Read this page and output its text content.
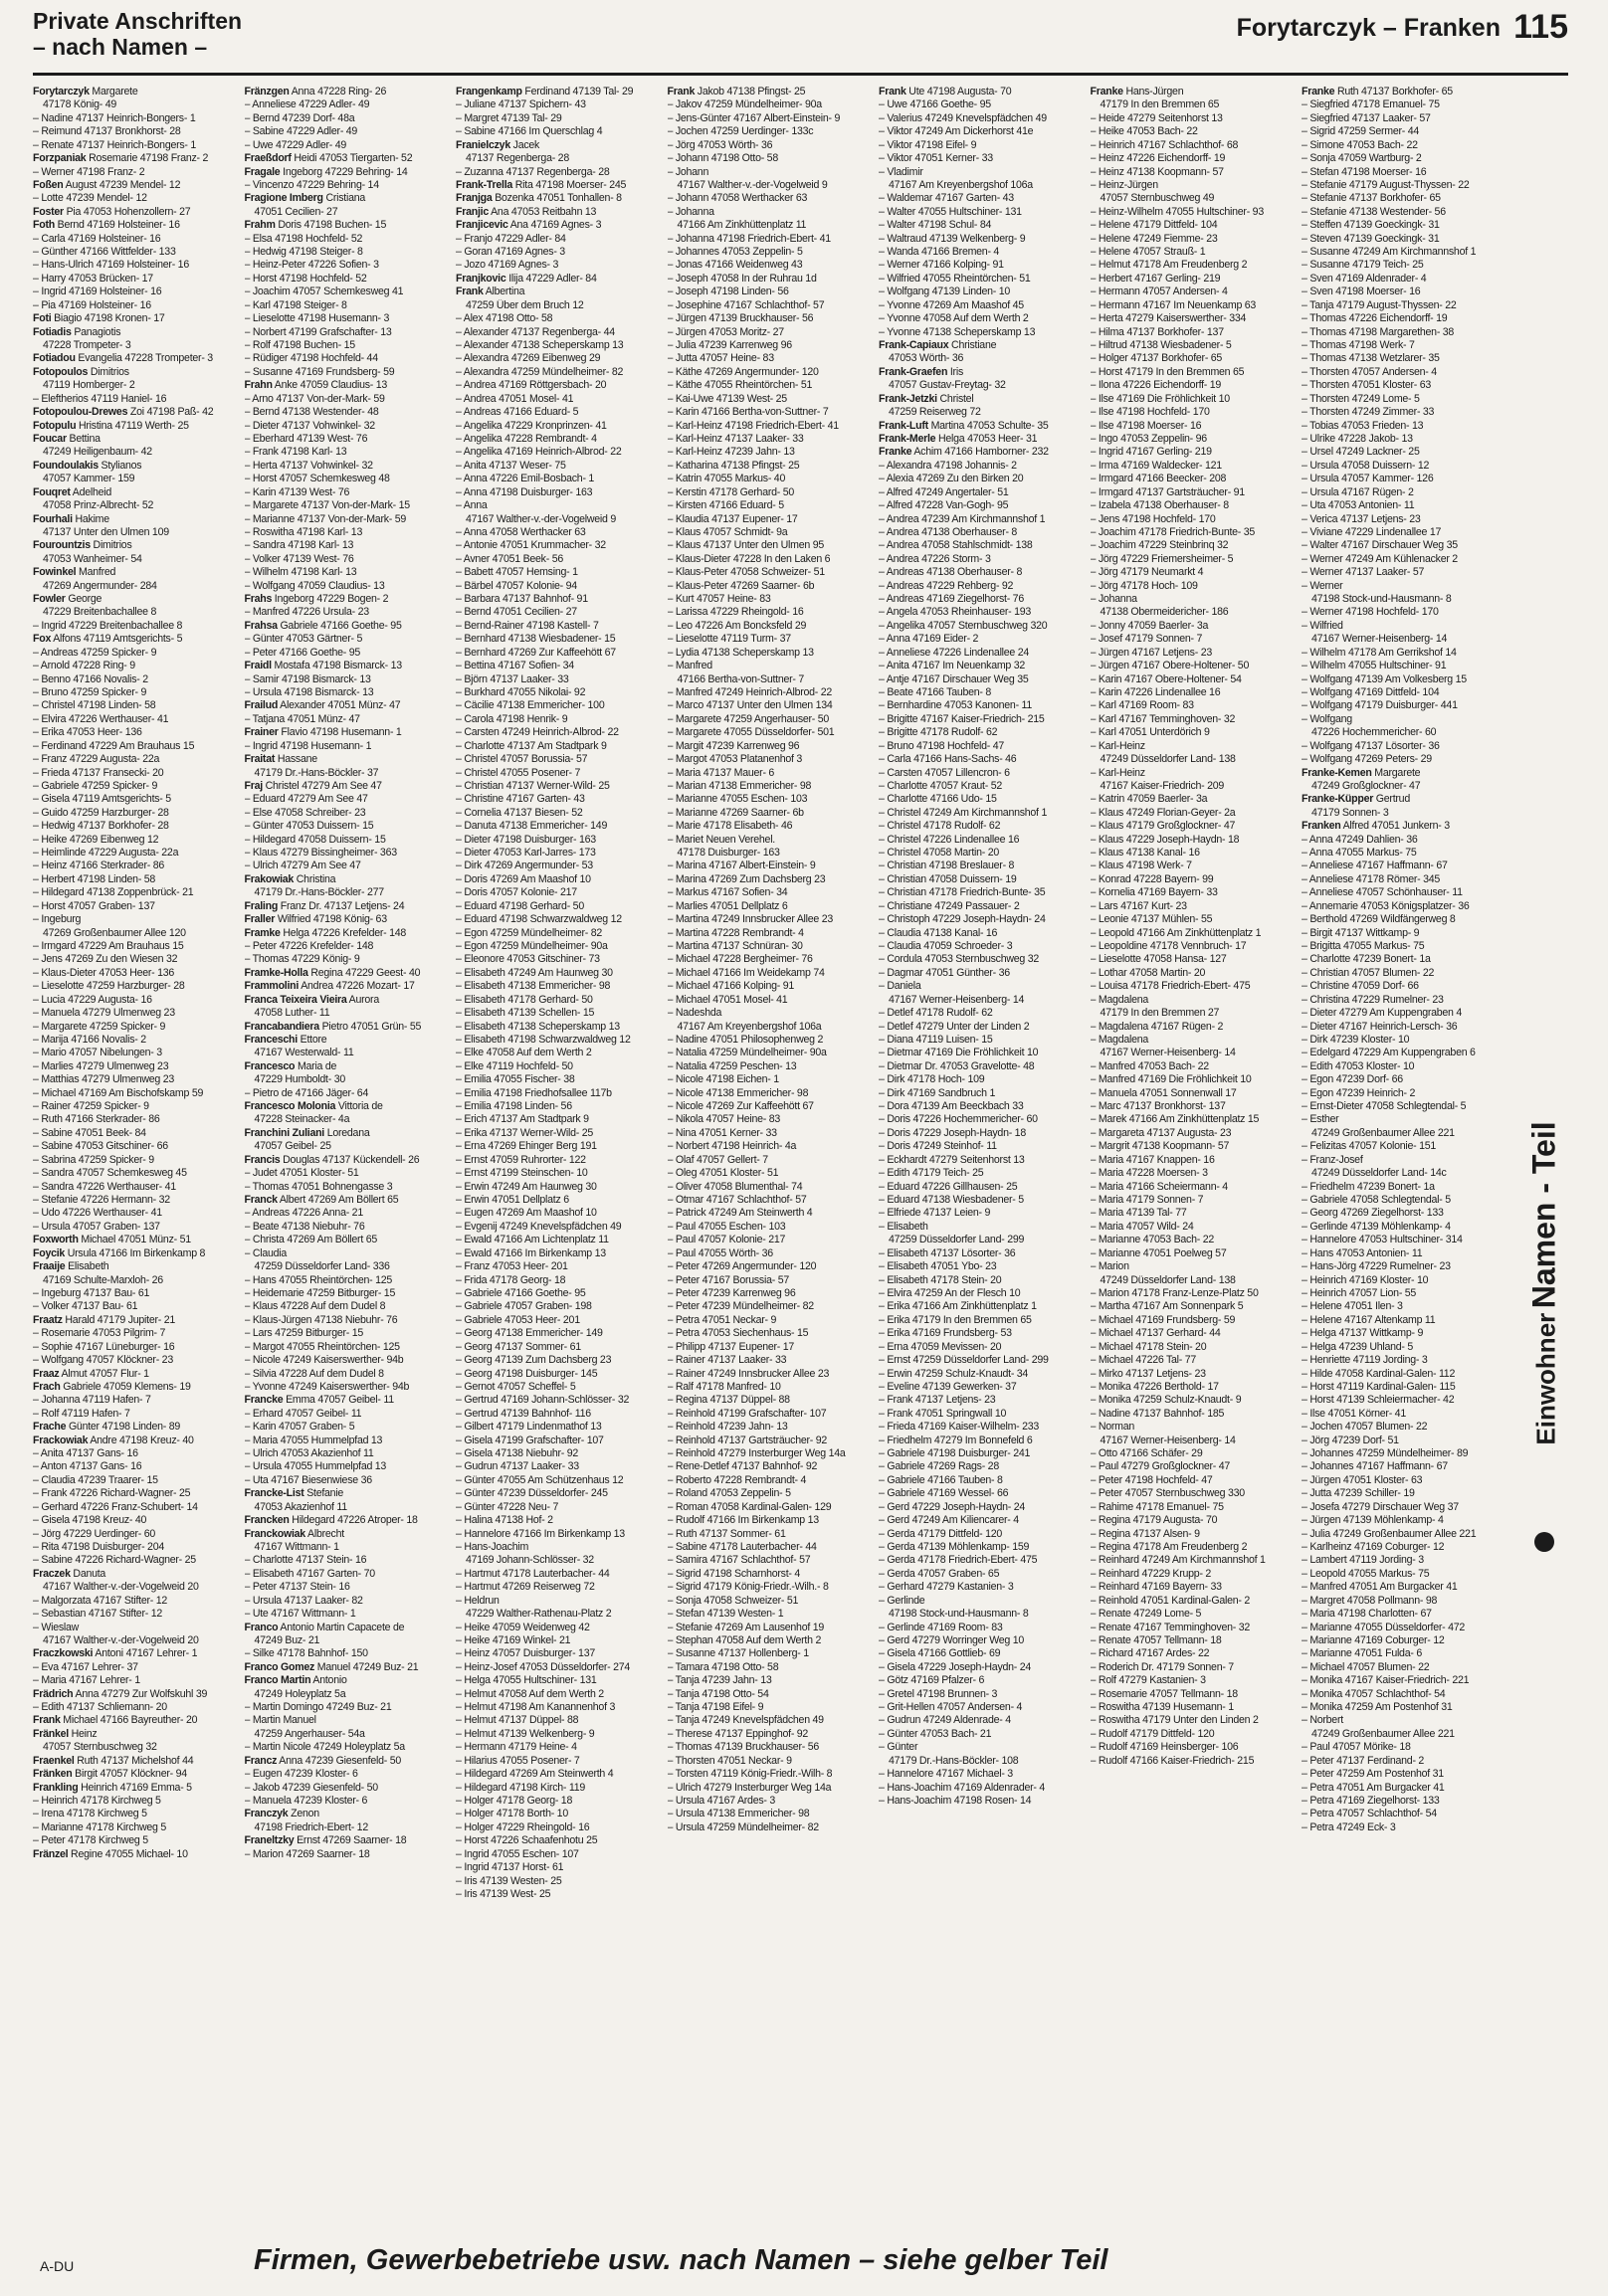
Private Anschriften
– nach Namen –
Forytarczyk – Franken 115
Forytarczyk Margarete
47178 König- 49
– Nadine 47137 Heinrich-Bongers- 1
– Reimund 47137 Bronkhorst- 28
– Renate 47137 Heinrich-Bongers- 1
Forzpaniak Rosemarie 47198 Franz- 2
– Werner 47198 Franz- 2
Foßen August 47239 Mendel- 12
– Lotte 47239 Mendel- 12
Foster Pia 47053 Hohenzollern- 27
Foth Bernd 47169 Holsteiner- 16
– Carla 47169 Holsteiner- 16
– Günther 47166 Wittfelder- 133
– Hans-Ulrich 47169 Holsteiner- 16
– Harry 47053 Brücken- 17
– Ingrid 47169 Holsteiner- 16
– Pia 47169 Holsteiner- 16
Foti Biagio 47198 Kronen- 17
Fotiadis Panagiotis
47228 Trompeter- 3
Fotiadou Evangelia 47228 Trompeter- 3
Fotopoulos Dimitrios
47119 Homberger- 2
– Eleftherios 47119 Haniel- 16
Fotopoulou-Drewes Zoi 47198 Paß- 42
Fotopulu Hristina 47119 Werth- 25
Foucar Bettina
47249 Heiligenbaum- 42
Foundoulakis Stylianos
47057 Kammer- 159
Fouqret Adelheid
47058 Prinz-Albrecht- 52
Fourhali Hakime
47137 Unter den Ulmen 109
Fourountzis Dimitrios
47053 Wanheimer- 54
Fowinkel Manfred
47269 Angermunder- 284
Fowler George
47229 Breitenbachallee 8
– Ingrid 47229 Breitenbachallee 8
Fox Alfons 47119 Amtsgerichts- 5
– Andreas 47259 Spicker- 9
– Arnold 47228 Ring- 9
– Benno 47166 Novalis- 2
– Bruno 47259 Spicker- 9
– Christel 47198 Linden- 58
– Elvira 47226 Werthauser- 41
– Erika 47053 Heer- 136
– Ferdinand 47229 Am Brauhaus 15
– Franz 47229 Augusta- 22a
– Frieda 47137 Fransecki- 20
– Gabriele 47259 Spicker- 9
– Gisela 47119 Amtsgerichts- 5
– Guido 47259 Harzburger- 28
– Hedwig 47137 Borkhofer- 28
– Heike 47269 Eibenweg 12
– Heimlinde 47229 Augusta- 22a
– Heinz 47166 Sterkrader- 86
– Herbert 47198 Linden- 58
– Hildegard 47138 Zoppenbrück- 21
– Horst 47057 Graben- 137
– Ingeburg
47269 Großenbaumer Allee 120
– Irmgard 47229 Am Brauhaus 15
– Jens 47269 Zu den Wiesen 32
– Klaus-Dieter 47053 Heer- 136
– Lieselotte 47259 Harzburger- 28
– Lucia 47229 Augusta- 16
– Manuela 47279 Ulmenweg 23
– Margarete 47259 Spicker- 9
– Marija 47166 Novalis- 2
– Mario 47057 Nibelungen- 3
– Marlies 47279 Ulmenweg 23
– Matthias 47279 Ulmenweg 23
– Michael 47169 Am Bischofskamp 59
– Rainer 47259 Spicker- 9
– Ruth 47166 Sterkrader- 86
– Sabine 47051 Beek- 84
– Sabine 47053 Gitschiner- 66
– Sabrina 47259 Spicker- 9
– Sandra 47057 Schemkesweg 45
– Sandra 47226 Werthauser- 41
– Stefanie 47226 Hermann- 32
– Udo 47226 Werthauser- 41
– Ursula 47057 Graben- 137
Foxworth Michael 47051 Münz- 51
Foycik Ursula 47166 Im Birkenkamp 8
Fraaije Elisabeth
47169 Schulte-Marxloh- 26
– Ingeburg 47137 Bau- 61
– Volker 47137 Bau- 61
Fraatz Harald 47179 Jupiter- 21
– Rosemarie 47053 Pilgrim- 7
– Sophie 47167 Lüneburger- 16
– Wolfgang 47057 Klöckner- 23
Fraaz Almut 47057 Flur- 1
Frach Gabriele 47059 Klemens- 19
– Johanna 47119 Hafen- 7
– Rolf 47119 Hafen- 7
Frache Günter 47198 Linden- 89
Frackowiak Andre 47198 Kreuz- 40
– Anita 47137 Gans- 16
– Anton 47137 Gans- 16
– Claudia 47239 Traarer- 15
– Frank 47226 Richard-Wagner- 25
– Gerhard 47226 Franz-Schubert- 14
– Gisela 47198 Kreuz- 40
– Jörg 47229 Uerdinger- 60
– Rita 47198 Duisburger- 204
– Sabine 47226 Richard-Wagner- 25
Fraczek Danuta
47167 Walther-v.-der-Vogelweid 20
– Malgorzata 47167 Stifter- 12
– Sebastian 47167 Stifter- 12
– Wieslaw
47167 Walther-v.-der-Vogelweid 20
Fraczkowski Antoni 47167 Lehrer- 1
– Eva 47167 Lehrer- 37
– Maria 47167 Lehrer- 1
Frädrich Anna 47279 Zur Wolfskuhl 39
– Edith 47137 Schliemann- 20
Frank Michael 47166 Bayreuther- 20
Fränkel Heinz
47057 Sternbuschweg 32
Fraenkel Ruth 47137 Michelshof 44
Fränken Birgit 47057 Klöckner- 94
Frankling Heinrich 47169 Emma- 5
– Heinrich 47178 Kirchweg 5
– Irena 47178 Kirchweg 5
– Marianne 47178 Kirchweg 5
– Peter 47178 Kirchweg 5
Fränzel Regine 47055 Michael- 10
Fränzgen Anna 47228 Ring- 26
– Anneliese 47229 Adler- 49
– Bernd 47239 Dorf- 48a
– Sabine 47229 Adler- 49
– Uwe 47229 Adler- 49
Fraeßdorf Heidi 47053 Tiergarten- 52
Fragale Ingeborg 47229 Behring- 14
– Vincenzo 47229 Behring- 14
Fragione Imberg Cristiana
47051 Cecilien- 27
Frahm Doris 47198 Buchen- 15
– Elsa 47198 Hochfeld- 52
– Hedwig 47198 Steiger- 8
– Heinz-Peter 47226 Sofien- 3
– Horst 47198 Hochfeld- 52
– Joachim 47057 Schemkesweg 41
– Karl 47198 Steiger- 8
– Lieselotte 47198 Husemann- 3
– Norbert 47199 Grafschafter- 13
– Rolf 47198 Buchen- 15
– Rüdiger 47198 Hochfeld- 44
– Susanne 47169 Frundsberg- 59
Frahn Anke 47059 Claudius- 13
– Arno 47137 Von-der-Mark- 59
– Bernd 47138 Westender- 48
– Dieter 47137 Vohwinkel- 32
– Eberhard 47139 West- 76
– Frank 47198 Karl- 13
– Herta 47137 Vohwinkel- 32
– Horst 47057 Schemkesweg 48
– Karin 47139 West- 76
– Margarete 47137 Von-der-Mark- 15
– Marianne 47137 Von-der-Mark- 59
– Roswitha 47198 Karl- 13
– Sandra 47198 Karl- 13
– Volker 47139 West- 76
– Wilhelm 47198 Karl- 13
– Wolfgang 47059 Claudius- 13
Frahs Ingeborg 47229 Bogen- 2
– Manfred 47226 Ursula- 23
Frahsa Gabriele 47166 Goethe- 95
– Günter 47053 Gärtner- 5
– Peter 47166 Goethe- 95
Fraidl Mostafa 47198 Bismarck- 13
– Samir 47198 Bismarck- 13
– Ursula 47198 Bismarck- 13
Frailud Alexander 47051 Münz- 47
– Tatjana 47051 Münz- 47
Frainer Flavio 47198 Husemann- 1
– Ingrid 47198 Husemann- 1
Fraitat Hassane
47179 Dr.-Hans-Böckler- 37
Fraj Christel 47279 Am See 47
– Eduard 47279 Am See 47
– Else 47058 Schreiber- 23
– Günter 47053 Duissern- 15
– Hildegard 47058 Duissern- 15
– Klaus 47279 Bissingheimer- 363
– Ulrich 47279 Am See 47
Frakowiak Christina
47179 Dr.-Hans-Böckler- 277
Fraling Franz Dr. 47137 Letjens- 24
Fraller Wilfried 47198 König- 63
Framke Helga 47226 Krefelder- 148
– Peter 47226 Krefelder- 148
– Thomas 47229 König- 9
Framke-Holla Regina 47229 Geest- 40
Frammolini Andrea 47226 Mozart- 17
Franca Teixeira Vieira Aurora
47058 Luther- 11
Francabandiera Pietro 47051 Grün- 55
Franceschi Ettore
47167 Westerwald- 11
Francesco Maria de
47229 Humboldt- 30
– Pietro de 47166 Jäger- 64
Francesco Molonia Vittoria de
47228 Steinacker- 4a
Franchini Zuliani Loredana
47057 Geibel- 25
Francis Douglas 47137 Kückendell- 26
– Judet 47051 Kloster- 51
– Thomas 47051 Bohnengasse 3
Franck Albert 47269 Am Böllert 65
– Andreas 47226 Anna- 21
– Beate 47138 Niebuhr- 76
– Christa 47269 Am Böllert 65
– Claudia
47259 Düsseldorfer Land- 336
– Hans 47055 Rheintörchen- 125
– Heidemarie 47259 Bitburger- 15
– Klaus 47228 Auf dem Dudel 8
– Klaus-Jürgen 47138 Niebuhr- 76
– Lars 47259 Bitburger- 15
– Margot 47055 Rheintörchen- 125
– Nicole 47249 Kaiserswerther- 94b
– Silvia 47228 Auf dem Dudel 8
– Yvonne 47249 Kaiserswerther- 94b
Francke Emma 47057 Geibel- 11
– Erhard 47057 Geibel- 11
– Karin 47057 Graben- 5
– Maria 47055 Hummelpfad 13
– Ulrich 47053 Akazienhof 11
– Ursula 47055 Hummelpfad 13
– Uta 47167 Biesenwiese 36
Francke-List Stefanie
47053 Akazienhof 11
Francken Hildegard 47226 Atroper- 18
Franckowiak Albrecht
47167 Wittmann- 1
– Charlotte 47137 Stein- 16
– Elisabeth 47167 Garten- 70
– Peter 47137 Stein- 16
– Ursula 47137 Laaker- 82
– Ute 47167 Wittmann- 1
Franco Antonio Martin Capacete de
47249 Buz- 21
– Silke 47178 Bahnhof- 150
Franco Gomez Manuel 47249 Buz- 21
Franco Martin Antonio
47249 Holeyplatz 5a
– Martin Domingo 47249 Buz- 21
– Martin Manuel
47259 Angerhauser- 54a
– Martin Nicole 47249 Holeyplatz 5a
Francz Anna 47239 Giesenfeld- 50
– Eugen 47239 Kloster- 6
– Jakob 47239 Giesenfeld- 50
– Manuela 47239 Kloster- 6
Franczyk Zenon
47198 Friedrich-Ebert- 12
Franeltzky Ernst 47269 Saarner- 18
– Marion 47269 Saarner- 18
Frangenkamp Ferdinand 47139 Tal- 29
– Juliane 47137 Spichern- 43
– Margret 47139 Tal- 29
– Sabine 47166 Im Querschlag 4
Franielczyk Jacek
47137 Regenberga- 28
– Zuzanna 47137 Regenberga- 28
Frank-Trella Rita 47198 Moerser- 245
Franjga Bozenka 47051 Tonhallen- 8
Franjic Ana 47053 Reitbahn 13
Franjicevic Ana 47169 Agnes- 3
– Franjo 47229 Adler- 84
– Goran 47169 Agnes- 3
– Jozo 47169 Agnes- 3
Franjkovic Ilija 47229 Adler- 84
Frank Albertina
47259 Über dem Bruch 12
– Alex 47198 Otto- 58
– Alexander 47137 Regenberga- 44
– Alexander 47138 Scheperskamp 13
– Alexandra 47269 Eibenweg 29
– Alexandra 47259 Mündelheimer- 82
– Andrea 47169 Röttgersbach- 20
– Andrea 47051 Mosel- 41
– Andreas 47166 Eduard- 5
– Angelika 47229 Kronprinzen- 41
– Angelika 47228 Rembrandt- 4
– Angelika 47169 Heinrich-Albrod- 22
– Anita 47137 Weser- 75
– Anna 47226 Emil-Bosbach- 1
– Anna 47198 Duisburger- 163
– Anna
47167 Walther-v.-der-Vogelweid 9
– Anna 47058 Werthacker 63
– Antonie 47051 Krummacher- 32
– Avner 47051 Beek- 56
– Babett 47057 Hemsing- 1
– Bärbel 47057 Kolonie- 94
– Barbara 47137 Bahnhof- 91
– Bernd 47051 Cecilien- 27
– Bernd-Rainer 47198 Kastell- 7
– Bernhard 47138 Wiesbadener- 15
– Bernhard 47269 Zur Kaffeehött 67
– Bettina 47167 Sofien- 34
– Björn 47137 Laaker- 33
– Burkhard 47055 Nikolai- 92
– Cäcilie 47138 Emmericher- 100
– Carola 47198 Henrik- 9
– Carsten 47249 Heinrich-Albrod- 22
– Charlotte 47137 Am Stadtpark 9
– Christel 47057 Borussia- 57
– Christel 47055 Posener- 7
– Christian 47137 Werner-Wild- 25
– Christine 47167 Garten- 43
– Cornelia 47137 Biesen- 52
– Danuta 47138 Emmericher- 149
– Dieter 47198 Duisburger- 163
– Dieter 47053 Karl-Jarres- 173
– Dirk 47269 Angermunder- 53
– Doris 47269 Am Maashof 10
– Doris 47057 Kolonie- 217
– Eduard 47198 Gerhard- 50
– Eduard 47198 Schwarzwaldweg 12
– Egon 47259 Mündelheimer- 82
– Egon 47259 Mündelheimer- 90a
– Eleonore 47053 Gitschiner- 73
– Elisabeth 47249 Am Haunweg 30
– Elisabeth 47138 Emmericher- 98
– Elisabeth 47178 Gerhard- 50
– Elisabeth 47139 Schellen- 15
– Elisabeth 47138 Scheperskamp 13
– Elisabeth 47198 Schwarzwaldweg 12
– Elke 47058 Auf dem Werth 2
– Elke 47119 Hochfeld- 50
– Emilia 47055 Fischer- 38
– Emilia 47198 Friedhofsallee 117b
– Emilia 47198 Linden- 56
– Erich 47137 Am Stadtpark 9
– Erika 47137 Werner-Wild- 25
– Erna 47269 Ehinger Berg 191
– Ernst 47059 Ruhrorter- 122
– Ernst 47199 Steinschen- 10
– Erwin 47249 Am Haunweg 30
– Erwin 47051 Dellplatz 6
– Eugen 47269 Am Maashof 10
– Evgenij 47249 Knevelspfädchen 49
– Ewald 47166 Am Lichtenplatz 11
– Ewald 47166 Im Birkenkamp 13
– Franz 47053 Heer- 201
– Frida 47178 Georg- 18
– Gabriele 47166 Goethe- 95
– Gabriele 47057 Graben- 198
– Gabriele 47053 Heer- 201
– Georg 47138 Emmericher- 149
– Georg 47137 Sommer- 61
– Georg 47139 Zum Dachsberg 23
– Georg 47198 Duisburger- 145
– Gernot 47057 Scheffel- 5
– Gertrud 47169 Johann-Schlösser- 32
– Gertrud 47139 Bahnhof- 116
– Gilbert 47179 Lindenmathof 13
– Gisela 47199 Grafschafter- 107
– Gisela 47138 Niebuhr- 92
– Gudrun 47137 Laaker- 33
– Günter 47055 Am Schützenhaus 12
– Günter 47239 Düsseldorfer- 245
– Günter 47228 Neu- 7
– Halina 47138 Hof- 2
– Hannelore 47166 Im Birkenkamp 13
– Hans-Joachim
47169 Johann-Schlösser- 32
– Hartmut 47178 Lauterbacher- 44
– Hartmut 47269 Reiserweg 72
– Heldrun
47229 Walther-Rathenau-Platz 2
– Heike 47059 Weidenweg 42
– Heike 47169 Winkel- 21
– Heinz 47057 Duisburger- 137
– Heinz-Josef 47053 Düsseldorfer- 274
– Helga 47055 Hultschiner- 131
– Helmut 47058 Auf dem Werth 2
– Helmut 47198 Am Kanannenhof 3
– Helmut 47137 Düppel- 88
– Helmut 47139 Welkenberg- 9
– Hermann 47179 Heine- 4
– Hilarius 47055 Posener- 7
– Hildegard 47269 Am Steinwerth 4
– Hildegard 47198 Kirch- 119
– Holger 47178 Georg- 18
– Holger 47178 Borth- 10
– Holger 47229 Rheingold- 16
– Horst 47226 Schaafenhotu 25
– Ingrid 47055 Eschen- 107
– Ingrid 47137 Horst- 61
– Iris 47139 Westen- 25
– Iris 47139 West- 25
Frank Jakob 47138 Pfingst- 25
– Jakov 47259 Mündelheimer- 90a
– Jens-Günter 47167 Albert-Einstein- 9
– Jochen 47259 Uerdinger- 133c
– Jörg 47053 Wörth- 36
– Johann 47198 Otto- 58
– Johann
47167 Walther-v.-der-Vogelweid 9
– Johann 47058 Werthacker 63
– Johanna
47166 Am Zinkhüttenplatz 11
– Johanna 47198 Friedrich-Ebert- 41
– Johannes 47053 Zeppelin- 5
– Jonas 47166 Weidenweg 43
– Joseph 47058 In der Ruhrau 1d
– Joseph 47198 Linden- 56
– Josephine 47167 Schlachthof- 57
– Jürgen 47139 Bruckhauser- 56
– Jürgen 47053 Moritz- 27
– Julia 47239 Karrenweg 96
– Jutta 47057 Heine- 83
– Käthe 47269 Angermunder- 120
– Käthe 47055 Rheintörchen- 51
– Kai-Uwe 47139 West- 25
– Karin 47166 Bertha-von-Suttner- 7
– Karl-Heinz 47198 Friedrich-Ebert- 41
– Karl-Heinz 47137 Laaker- 33
– Karl-Heinz 47239 Jahn- 13
– Katharina 47138 Pfingst- 25
– Katrin 47055 Markus- 40
– Kerstin 47178 Gerhard- 50
– Kirsten 47166 Eduard- 5
– Klaudia 47137 Eupener- 17
– Klaus 47057 Schmidt- 9a
– Klaus 47137 Unter den Ulmen 95
– Klaus-Dieter 47228 In den Laken 6
– Klaus-Peter 47058 Schweizer- 51
– Klaus-Peter 47269 Saarner- 6b
– Kurt 47057 Heine- 83
– Larissa 47229 Rheingold- 16
– Leo 47226 Am Boncksfeld 29
– Lieselotte 47119 Turm- 37
– Lydia 47138 Scheperskamp 13
– Manfred
47166 Bertha-von-Suttner- 7
– Manfred 47249 Heinrich-Albrod- 22
– Marco 47137 Unter den Ulmen 134
– Margarete 47259 Angerhauser- 50
– Margarete 47055 Düsseldorfer- 501
– Margit 47239 Karrenweg 96
– Margot 47053 Platanenhof 3
– Maria 47137 Mauer- 6
– Marian 47138 Emmericher- 98
– Marianne 47055 Eschen- 103
– Marianne 47269 Saarner- 6b
– Marie 47178 Elisabeth- 46
– Mariet Neuen Verehel.
47178 Duisburger- 163
– Marina 47167 Albert-Einstein- 9
– Marina 47269 Zum Dachsberg 23
– Markus 47167 Sofien- 34
– Marlies 47051 Dellplatz 6
– Martina 47249 Innsbrucker Allee 23
– Martina 47228 Rembrandt- 4
– Martina 47137 Schnüran- 30
– Michael 47228 Bergheimer- 76
– Michael 47166 Im Weidekamp 74
– Michael 47166 Kolping- 91
– Michael 47051 Mosel- 41
– Nadeshda
47167 Am Kreyenbergshof 106a
– Nadine 47051 Philosophenweg 2
– Natalia 47259 Mündelheimer- 90a
– Natalia 47259 Peschen- 13
– Nicole 47198 Eichen- 1
– Nicole 47138 Emmericher- 98
– Nicole 47269 Zur Kaffeehött 67
– Nikola 47057 Heine- 83
– Nina 47051 Kerner- 33
– Norbert 47198 Heinrich- 4a
– Olaf 47057 Gellert- 7
– Oleg 47051 Kloster- 51
– Oliver 47058 Blumenthal- 74
– Otmar 47167 Schlachthof- 57
– Patrick 47249 Am Steinwerth 4
– Paul 47055 Eschen- 103
– Paul 47057 Kolonie- 217
– Paul 47055 Wörth- 36
– Peter 47269 Angermunder- 120
– Peter 47167 Borussia- 57
– Peter 47239 Karrenweg 96
– Peter 47239 Mündelheimer- 82
– Petra 47051 Neckar- 9
– Petra 47053 Siechenhaus- 15
– Philipp 47137 Eupener- 17
– Rainer 47137 Laaker- 33
– Rainer 47249 Innsbrucker Allee 23
– Ralf 47178 Manfred- 10
– Regina 47137 Düppel- 88
– Reinhold 47199 Grafschafter- 107
– Reinhold 47239 Jahn- 13
– Reinhold 47137 Gartsträucher- 92
– Reinhold 47279 Insterburger Weg 14a
– Rene-Detlef 47137 Bahnhof- 92
– Roberto 47228 Rembrandt- 4
– Roland 47053 Zeppelin- 5
– Roman 47058 Kardinal-Galen- 129
– Rudolf 47166 Im Birkenkamp 13
– Ruth 47137 Sommer- 61
– Sabine 47178 Lauterbacher- 44
– Samira 47167 Schlachthof- 57
– Sigrid 47198 Scharnhorst- 4
– Sigrid 47179 König-Friedr.-Wilh.- 8
– Sonja 47058 Schweizer- 51
– Stefan 47139 Westen- 1
– Stefanie 47269 Am Lausenhof 19
– Stephan 47058 Auf dem Werth 2
– Susanne 47137 Hollenberg- 1
– Tamara 47198 Otto- 58
– Tanja 47239 Jahn- 13
– Tanja 47198 Otto- 54
– Tanja 47198 Eifel- 9
– Tanja 47249 Knevelspfädchen 49
– Therese 47137 Eppinghof- 92
– Thomas 47139 Bruckhauser- 56
– Thorsten 47051 Neckar- 9
– Torsten 47119 König-Friedr.-Wilh- 8
– Ulrich 47279 Insterburger Weg 14a
– Ursula 47167 Ardes- 3
– Ursula 47138 Emmericher- 98
– Ursula 47259 Mündelheimer- 82
Frank Ute 47198 Augusta- 70
– Uwe 47166 Goethe- 95
– Valerius 47249 Knevelspfädchen 49
– Viktor 47249 Am Dickerhorst 41e
– Viktor 47198 Eifel- 9
– Viktor 47051 Kerner- 33
– Vladimir
47167 Am Kreyenbergshof 106a
– Waldemar 47167 Garten- 43
– Walter 47055 Hultschiner- 131
– Walter 47198 Schul- 84
– Waltraud 47139 Welkenberg- 9
– Wanda 47166 Bremen- 4
– Werner 47166 Kolping- 91
– Wilfried 47055 Rheintörchen- 51
– Wolfgang 47139 Linden- 10
– Yvonne 47269 Am Maashof 45
– Yvonne 47058 Auf dem Werth 2
– Yvonne 47138 Scheperskamp 13
Frank-Capiaux Christiane
47053 Wörth- 36
Frank-Graefen Iris
47057 Gustav-Freytag- 32
Frank-Jetzki Christel
47259 Reiserweg 72
Frank-Luft Martina 47053 Schulte- 35
Frank-Merle Helga 47053 Heer- 31
Franke Achim 47166 Hamborner- 232
– Alexandra 47198 Johannis- 2
– Alexia 47269 Zu den Birken 20
– Alfred 47249 Angertaler- 51
– Alfred 47228 Van-Gogh- 95
– Andrea 47239 Am Kirchmannshof 1
– Andrea 47138 Oberhauser- 8
– Andrea 47058 Stahlschmidt- 138
– Andrea 47226 Storm- 3
– Andreas 47138 Oberhauser- 8
– Andreas 47229 Rehberg- 92
– Andreas 47169 Ziegelhorst- 76
– Angela 47053 Rheinhauser- 193
– Angelika 47057 Sternbuschweg 320
– Anna 47169 Eider- 2
– Anneliese 47226 Lindenallee 24
– Anita 47167 Im Neuenkamp 32
– Antje 47167 Dirschauer Weg 35
– Beate 47166 Tauben- 8
– Bernhardine 47053 Kanonen- 11
– Brigitte 47167 Kaiser-Friedrich- 215
– Brigitte 47178 Rudolf- 62
– Bruno 47198 Hochfeld- 47
– Carla 47166 Hans-Sachs- 46
– Carsten 47057 Lillencron- 6
– Charlotte 47057 Kraut- 52
– Charlotte 47166 Udo- 15
– Christel 47249 Am Kirchmannshof 1
– Christel 47178 Rudolf- 62
– Christel 47226 Lindenallee 16
– Christel 47058 Martin- 20
– Christian 47198 Breslauer- 8
– Christian 47058 Duissern- 19
– Christian 47178 Friedrich-Bunte- 35
– Christiane 47249 Passauer- 2
– Christoph 47229 Joseph-Haydn- 24
– Claudia 47138 Kanal- 16
– Claudia 47059 Schroeder- 3
– Cordula 47053 Sternbuschweg 32
– Dagmar 47051 Günther- 36
– Daniela
47167 Werner-Heisenberg- 14
– Detlef 47178 Rudolf- 62
– Detlef 47279 Unter der Linden 2
– Diana 47119 Luisen- 15
– Dietmar 47169 Die Fröhlichkeit 10
– Dietmar Dr. 47053 Gravelotte- 48
– Dirk 47178 Hoch- 109
– Dirk 47169 Sandbruch 1
– Dora 47139 Am Beeckbach 33
– Doris 47226 Hochemmericher- 60
– Doris 47229 Joseph-Haydn- 18
– Doris 47249 Steinhof- 11
– Eckhardt 47279 Seitenhorst 13
– Edith 47179 Teich- 25
– Eduard 47226 Gillhausen- 25
– Eduard 47138 Wiesbadener- 5
– Elfriede 47137 Leien- 9
– Elisabeth
47259 Düsseldorfer Land- 299
– Elisabeth 47137 Lösorter- 36
– Elisabeth 47051 Ybo- 23
– Elisabeth 47178 Stein- 20
– Elvira 47259 An der Flesch 10
– Erika 47166 Am Zinkhüttenplatz 1
– Erika 47179 In den Bremmen 65
– Erika 47169 Frundsberg- 53
– Erna 47059 Mevissen- 20
– Ernst 47259 Düsseldorfer Land- 299
– Erwin 47259 Schulz-Knaudt- 34
– Eveline 47139 Gewerken- 37
– Frank 47137 Letjens- 23
– Frank 47051 Springwall 10
– Frieda 47169 Kaiser-Wilhelm- 233
– Friedhelm 47279 Im Bonnefeld 6
– Gabriele 47198 Duisburger- 241
– Gabriele 47269 Rags- 28
– Gabriele 47166 Tauben- 8
– Gabriele 47169 Wessel- 66
– Gerd 47229 Joseph-Haydn- 24
– Gerd 47249 Am Kiliencarer- 4
– Gerda 47179 Dittfeld- 120
– Gerda 47139 Möhlenkamp- 159
– Gerda 47178 Friedrich-Ebert- 475
– Gerda 47057 Graben- 65
– Gerhard 47279 Kastanien- 3
– Gerlinde
47198 Stock-und-Hausmann- 8
– Gerlinde 47169 Room- 83
– Gerd 47279 Worringer Weg 10
– Gisela 47166 Gottlieb- 69
– Gisela 47229 Joseph-Haydn- 24
– Götz 47169 Pfalzer- 6
– Gretel 47198 Brunnen- 3
– Grit-Hellen 47057 Andersen- 4
– Gudrun 47249 Aldenrade- 4
– Günter 47053 Bach- 21
– Günter
47179 Dr.-Hans-Böckler- 108
– Hannelore 47167 Michael- 3
– Hans-Joachim 47169 Aldenrader- 4
– Hans-Joachim 47198 Rosen- 14
Franke Hans-Jürgen
47179 In den Bremmen 65
– Heide 47279 Seitenhorst 13
– Heike 47053 Bach- 22
– Heinrich 47167 Schlachthof- 68
– Heinz 47226 Eichendorff- 19
– Heinz 47138 Koopmann- 57
– Heinz-Jürgen
47057 Sternbuschweg 49
– Heinz-Wilhelm 47055 Hultschiner- 93
– Helene 47179 Dittfeld- 104
– Helene 47249 Fiemme- 23
– Helene 47057 Strauß- 1
– Helmut 47178 Am Freudenberg 2
– Herbert 47167 Gerling- 219
– Hermann 47057 Andersen- 4
– Hermann 47167 Im Neuenkamp 63
– Herta 47279 Kaiserswerther- 334
– Hilma 47137 Borkhofer- 137
– Hiltrud 47138 Wiesbadener- 5
– Holger 47137 Borkhofer- 65
– Horst 47179 In den Bremmen 65
– Ilona 47226 Eichendorff- 19
– Ilse 47169 Die Fröhlichkeit 10
– Ilse 47198 Hochfeld- 170
– Ilse 47198 Moerser- 16
– Ingo 47053 Zeppelin- 96
– Ingrid 47167 Gerling- 219
– Irma 47169 Waldecker- 121
– Irmgard 47166 Beecker- 208
– Irmgard 47137 Gartsträucher- 91
– Izabela 47138 Oberhauser- 8
– Jens 47198 Hochfeld- 170
– Joachim 47178 Friedrich-Bunte- 35
– Joachim 47229 Steinbrinq 32
– Jörg 47229 Friemersheimer- 5
– Jörg 47179 Neumarkt 4
– Jörg 47178 Hoch- 109
– Johanna
47138 Obermeidericher- 186
– Jonny 47059 Baerler- 3a
– Josef 47179 Sonnen- 7
– Jürgen 47167 Letjens- 23
– Jürgen 47167 Obere-Holtener- 50
– Karin 47167 Obere-Holtener- 54
– Karin 47226 Lindenallee 16
– Karl 47169 Room- 83
– Karl 47167 Temminghoven- 32
– Karl 47051 Unterdörich 9
– Karl-Heinz
47249 Düsseldorfer Land- 138
– Karl-Heinz
47167 Kaiser-Friedrich- 209
– Katrin 47059 Baerler- 3a
– Klaus 47249 Florian-Geyer- 2a
– Klaus 47179 Großglockner- 47
– Klaus 47229 Joseph-Haydn- 18
– Klaus 47138 Kanal- 16
– Klaus 47198 Werk- 7
– Konrad 47228 Bayern- 99
– Kornelia 47169 Bayern- 33
– Lars 47167 Kurt- 23
– Leonie 47137 Mühlen- 55
– Leopold 47166 Am Zinkhüttenplatz 1
– Leopoldine 47178 Vennbruch- 17
– Lieselotte 47058 Hansa- 127
– Lothar 47058 Martin- 20
– Louisa 47178 Friedrich-Ebert- 475
– Magdalena
47179 In den Bremmen 27
– Magdalena 47167 Rügen- 2
– Magdalena
47167 Werner-Heisenberg- 14
– Manfred 47053 Bach- 22
– Manfred 47169 Die Fröhlichkeit 10
– Manuela 47051 Sonnenwall 17
– Marc 47137 Bronkhorst- 137
– Marek 47166 Am Zinkhüttenplatz 15
– Margareta 47137 Augusta- 23
– Margrit 47138 Koopmann- 57
– Maria 47167 Knappen- 16
– Maria 47228 Moersen- 3
– Maria 47166 Scheiermann- 4
– Maria 47179 Sonnen- 7
– Maria 47139 Tal- 77
– Maria 47057 Wild- 24
– Marianne 47053 Bach- 22
– Marianne 47051 Poelweg 57
– Marion
47249 Düsseldorfer Land- 138
– Marion 47178 Franz-Lenze-Platz 50
– Martha 47167 Am Sonnenpark 5
– Michael 47169 Frundsberg- 59
– Michael 47137 Gerhard- 44
– Michael 47178 Stein- 20
– Michael 47226 Tal- 77
– Mirko 47137 Letjens- 23
– Monika 47226 Berthold- 17
– Monika 47259 Schulz-Knaudt- 9
– Nadine 47137 Bahnhof- 185
– Norman
47167 Werner-Heisenberg- 14
– Otto 47166 Schäfer- 29
– Paul 47279 Großglockner- 47
– Peter 47198 Hochfeld- 47
– Peter 47057 Sternbuschweg 330
– Rahime 47178 Emanuel- 75
– Regina 47179 Augusta- 70
– Regina 47137 Alsen- 9
– Regina 47178 Am Freudenberg 2
– Reinhard 47249 Am Kirchmannshof 1
– Reinhard 47229 Krupp- 2
– Reinhard 47169 Bayern- 33
– Reinhold 47051 Kardinal-Galen- 2
– Renate 47249 Lome- 5
– Renate 47167 Temminghoven- 32
– Renate 47057 Tellmann- 18
– Richard 47167 Ardes- 22
– Roderich Dr. 47179 Sonnen- 7
– Rolf 47279 Kastanien- 3
– Rosemarie 47057 Tellmann- 18
– Roswitha 47139 Husemann- 1
– Roswitha 47179 Unter den Linden 2
– Rudolf 47179 Dittfeld- 120
– Rudolf 47169 Heinsberger- 106
– Rudolf 47166 Kaiser-Friedrich- 215
Franke Ruth 47137 Borkhofer- 65
– Siegfried 47178 Emanuel- 75
– Siegfried 47137 Laaker- 57
– Sigrid 47259 Sermer- 44
– Simone 47053 Bach- 22
– Sonja 47059 Wartburg- 2
– Stefan 47198 Moerser- 16
– Stefanie 47179 August-Thyssen- 22
– Stefanie 47137 Borkhofer- 65
– Stefanie 47138 Westender- 56
– Steffen 47139 Goeckingk- 31
– Steven 47139 Goeckingk- 31
– Susanne 47249 Am Kirchmannshof 1
– Susanne 47179 Teich- 25
– Sven 47169 Aldenrader- 4
– Sven 47198 Moerser- 16
– Tanja 47179 August-Thyssen- 22
– Thomas 47226 Eichendorff- 19
– Thomas 47198 Margarethen- 38
– Thomas 47198 Werk- 7
– Thomas 47138 Wetzlarer- 35
– Thorsten 47057 Andersen- 4
– Thorsten 47051 Kloster- 63
– Thorsten 47249 Lome- 5
– Thorsten 47249 Zimmer- 33
– Tobias 47053 Frieden- 13
– Ulrike 47228 Jakob- 13
– Ursel 47249 Lackner- 25
– Ursula 47058 Duissern- 12
– Ursula 47057 Kammer- 126
– Ursula 47167 Rügen- 2
– Uta 47053 Antonien- 11
– Verica 47137 Letjens- 23
– Viviane 47229 Lindenallee 17
– Walter 47167 Dirschauer Weg 35
– Werner 47249 Am Kühlenacker 2
– Werner 47137 Laaker- 57
– Werner
47198 Stock-und-Hausmann- 8
– Werner 47198 Hochfeld- 170
– Wilfried
47167 Werner-Heisenberg- 14
– Wilhelm 47178 Am Gerrikshof 14
– Wilhelm 47055 Hultschiner- 91
– Wolfgang 47139 Am Volkesberg 15
– Wolfgang 47169 Dittfeld- 104
– Wolfgang 47179 Duisburger- 441
– Wolfgang
47226 Hochemmericher- 60
– Wolfgang 47137 Lösorter- 36
– Wolfgang 47269 Peters- 29
Franke-Kemen Margarete
47249 Großglockner- 47
Franke-Küpper Gertrud
47179 Sonnen- 3
Franken Alfred 47051 Junkern- 3
– Anna 47249 Dahlien- 36
– Anna 47055 Markus- 75
– Anneliese 47167 Haffmann- 67
– Anneliese 47178 Römer- 345
– Anneliese 47057 Schönhauser- 11
– Annemarie 47053 Königsplatzer- 36
– Berthold 47269 Wildfängerweg 8
– Birgit 47137 Wittkamp- 9
– Brigitta 47055 Markus- 75
– Charlotte 47239 Bonert- 1a
– Christian 47057 Blumen- 22
– Christine 47059 Dorf- 66
– Christina 47229 Rumelner- 23
– Dieter 47279 Am Kuppengraben 4
– Dieter 47167 Heinrich-Lersch- 36
– Dirk 47239 Kloster- 10
– Edelgard 47229 Am Kuppengraben 6
– Edith 47053 Kloster- 10
– Egon 47239 Dorf- 66
– Egon 47239 Heinrich- 2
– Ernst-Dieter 47058 Schlegtendal- 5
– Esther
47249 Großenbaumer Allee 221
– Felizitas 47057 Kolonie- 151
– Franz-Josef
47249 Düsseldorfer Land- 14c
– Friedhelm 47239 Bonert- 1a
– Gabriele 47058 Schlegtendal- 5
– Georg 47269 Ziegelhorst- 133
– Gerlinde 47139 Möhlenkamp- 4
– Hannelore 47053 Hultschiner- 314
– Hans 47053 Antonien- 11
– Hans-Jörg 47229 Rumelner- 23
– Heinrich 47169 Kloster- 10
– Heinrich 47057 Lion- 55
– Helene 47051 Ilen- 3
– Helene 47167 Altenkamp 11
– Helga 47137 Wittkamp- 9
– Helga 47239 Uhland- 5
– Henriette 47119 Jording- 3
– Hilde 47058 Kardinal-Galen- 112
– Horst 47119 Kardinal-Galen- 115
– Horst 47139 Schleiermacher- 42
– Ilse 47051 Körner- 41
– Jochen 47057 Blumen- 22
– Jörg 47239 Dorf- 51
– Johannes 47259 Mündelheimer- 89
– Johannes 47167 Haffmann- 67
– Jürgen 47051 Kloster- 63
– Jutta 47239 Schiller- 19
– Josefa 47279 Dirschauer Weg 37
– Jürgen 47139 Möhlenkamp- 4
– Julia 47249 Großenbaumer Allee 221
– Karlheinz 47169 Coburger- 12
– Lambert 47119 Jording- 3
– Leopold 47055 Markus- 75
– Manfred 47051 Am Burgacker 41
– Margret 47058 Pollmann- 98
– Maria 47198 Charlotten- 67
– Marianne 47055 Düsseldorfer- 472
– Marianne 47169 Coburger- 12
– Marianne 47051 Fulda- 6
– Michael 47057 Blumen- 22
– Monika 47167 Kaiser-Friedrich- 221
– Monika 47057 Schlachthof- 54
– Monika 47259 Am Postenhof 31
– Norbert
47249 Großenbaumer Allee 221
– Paul 47057 Mörike- 18
– Peter 47137 Ferdinand- 2
– Peter 47259 Am Postenhof 31
– Petra 47051 Am Burgacker 41
– Petra 47169 Ziegelhorst- 133
– Petra 47057 Schlachthof- 54
– Petra 47249 Eck- 3
Einwohner Namen - Teil
A-DU	Firmen, Gewerbebetriebe usw. nach Namen – siehe gelber Teil
